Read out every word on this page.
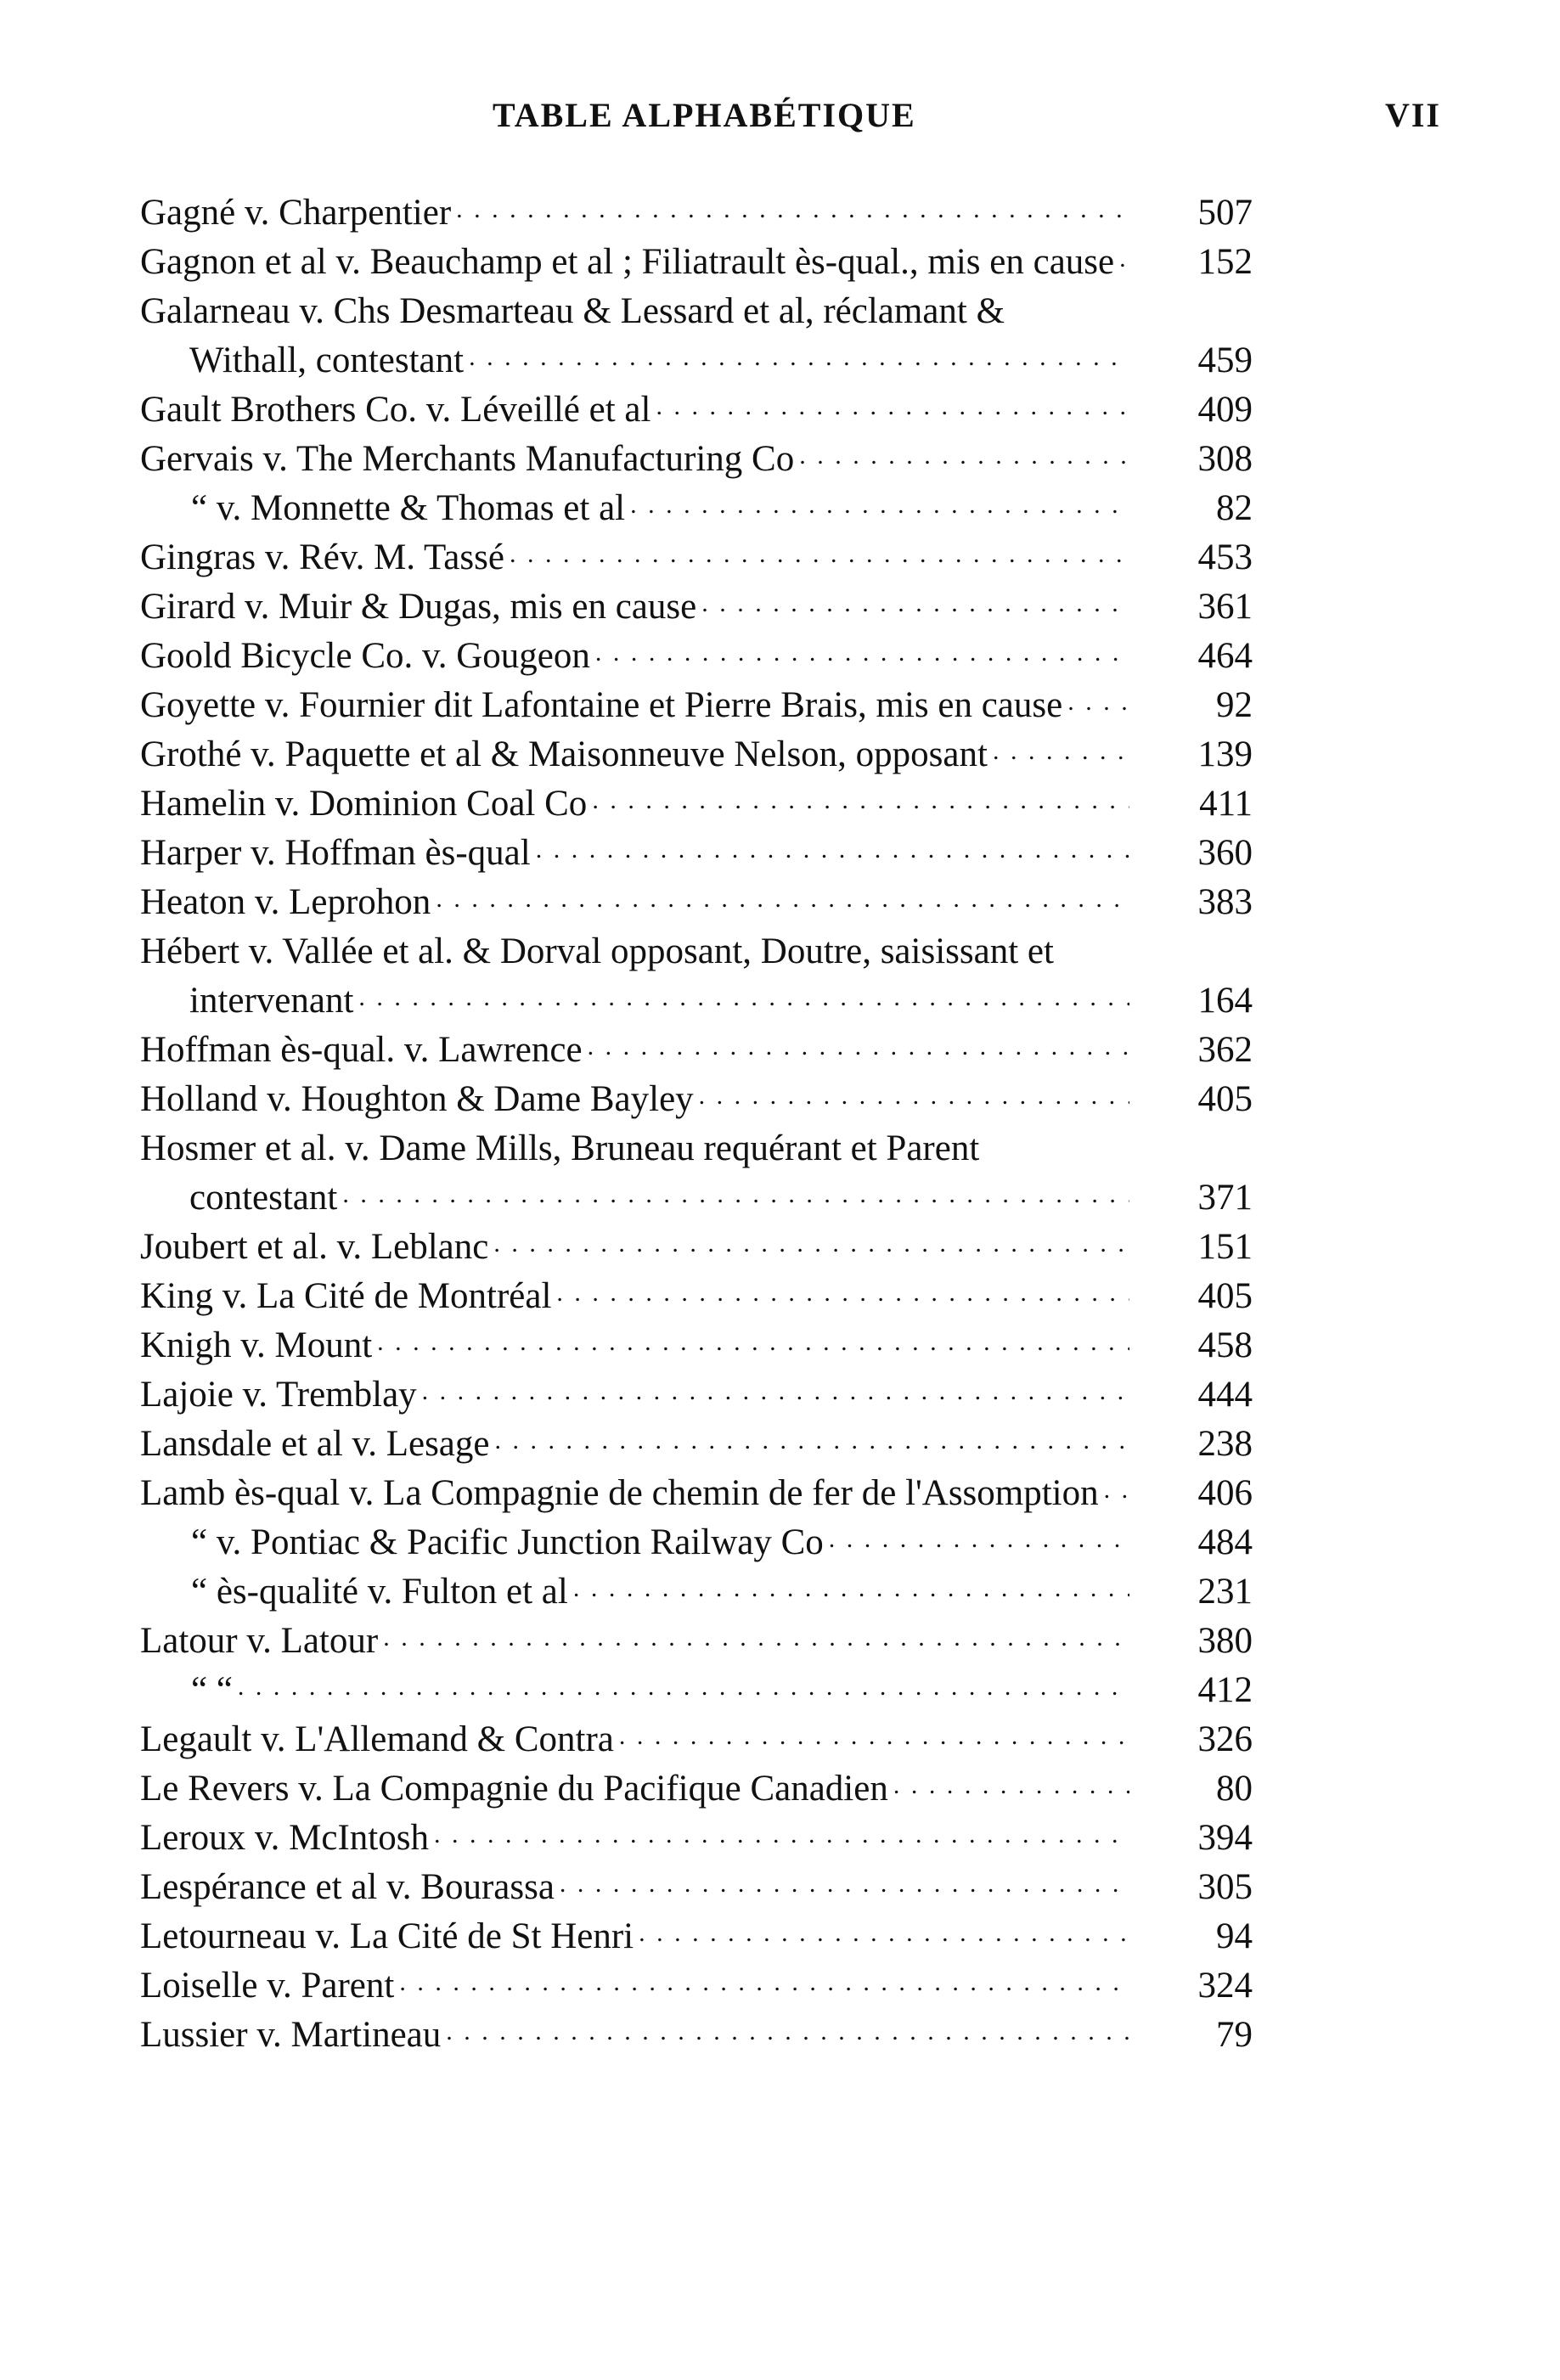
TABLE ALPHABÉTIQUE	VII
Gagné v. Charpentier . . .	507
Gagnon et al v. Beauchamp et al ; Filiatrault ès-qual., mis en cause . . .	152
Galarneau v. Chs Desmarteau & Lessard et al, réclamant & Withall, contestant . . .	459
Gault Brothers Co. v. Léveillé et al . . .	409
Gervais v. The Merchants Manufacturing Co . . .	308
“ v. Monnette & Thomas et al . . .	82
Gingras v. Rév. M. Tassé . . .	453
Girard v. Muir & Dugas, mis en cause . . .	361
Goold Bicycle Co. v. Gougeon . . .	464
Goyette v. Fournier dit Lafontaine et Pierre Brais, mis en cause . . .	92
Grothé v. Paquette et al & Maisonneuve Nelson, opposant . . .	139
Hamelin v. Dominion Coal Co . . .	411
Harper v. Hoffman ès-qual . . .	360
Heaton v. Leprohon . . .	383
Hébert v. Vallée et al. & Dorval opposant, Doutre, saisissant et intervenant . . .	164
Hoffman ès-qual. v. Lawrence . . .	362
Holland v. Houghton & Dame Bayley . . .	405
Hosmer et al. v. Dame Mills, Bruneau requérant et Parent contestant . . .	371
Joubert et al. v. Leblanc . . .	151
King v. La Cité de Montréal . . .	405
Knigh v. Mount . . .	458
Lajoie v. Tremblay . . .	444
Lansdale et al v. Lesage . . .	238
Lamb ès-qual v. La Compagnie de chemin de fer de l'Assomption . . .	406
“ v. Pontiac & Pacific Junction Railway Co . . .	484
“ ès-qualité v. Fulton et al . . .	231
Latour v. Latour . . .	380
“ “ . . .	412
Legault v. L'Allemand & Contra . . .	326
Le Revers v. La Compagnie du Pacifique Canadien . . .	80
Leroux v. McIntosh . . .	394
Lespérance et al v. Bourassa . . .	305
Letourneau v. La Cité de St Henri . . .	94
Loiselle v. Parent . . .	324
Lussier v. Martineau . . .	79
